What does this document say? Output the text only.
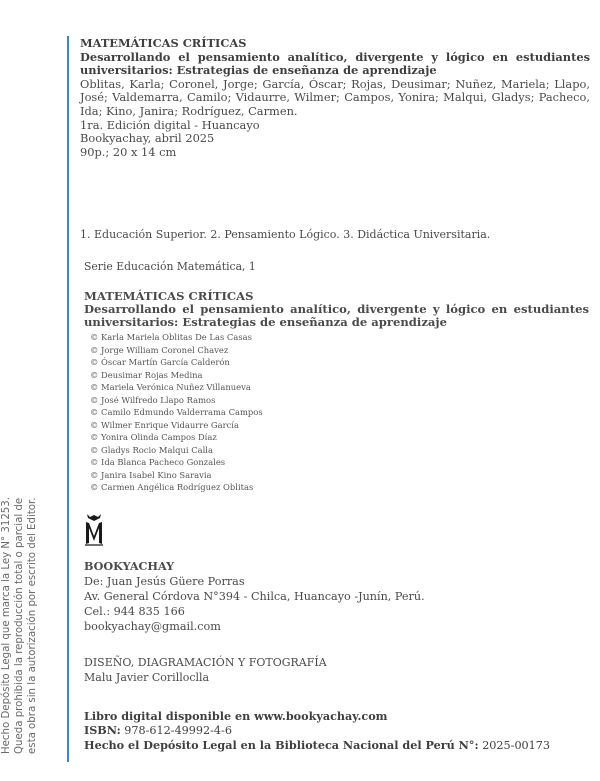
Hecho Depósito Legal que marca la Ley N° 31253. Queda prohibida la reproducción total o parcial de esta obra sin la autorización por escrito del Editor.
MATEMÁTICAS CRÍTICAS
Desarrollando el pensamiento analítico, divergente y lógico en estudiantes universitarios: Estrategias de enseñanza de aprendizaje
Oblitas, Karla; Coronel, Jorge; García, Óscar; Rojas, Deusimar; Nuñez, Mariela; Llapo, José; Valdemarra, Camilo; Vidaurre, Wilmer; Campos, Yonira; Malqui, Gladys; Pacheco, Ida; Kino, Janira; Rodríguez, Carmen.
1ra. Edición digital - Huancayo
Bookyachay, abril 2025
90p.; 20 x 14 cm
1. Educación Superior. 2. Pensamiento Lógico. 3. Didáctica Universitaria.
Serie Educación Matemática, 1
MATEMÁTICAS CRÍTICAS
Desarrollando el pensamiento analítico, divergente y lógico en estudiantes universitarios: Estrategias de enseñanza de aprendizaje
© Karla Mariela Oblitas De Las Casas
© Jorge William Coronel Chavez
© Óscar Martín García Calderón
© Deusimar Rojas Medina
© Mariela Verónica Nuñez Villanueva
© José Wilfredo Llapo Ramos
© Camilo Edmundo Valderrama Campos
© Wilmer Enrique Vidaurre García
© Yonira Olinda Campos Díaz
© Gladys Rocio Malqui Calla
© Ida Blanca Pacheco Gonzales
© Janira Isabel Kino Saravia
© Carmen Angélica Rodríguez Oblitas
BOOKYACHAY
De: Juan Jesús Güere Porras
Av. General Córdova N°394 - Chilca, Huancayo -Junín, Perú.
Cel.: 944 835 166
bookyachay@gmail.com
DISEÑO, DIAGRAMACIÓN Y FOTOGRAFÍA
Malu Javier Corilloclla
Libro digital disponible en www.bookyachay.com
ISBN: 978-612-49992-4-6
Hecho el Depósito Legal en la Biblioteca Nacional del Perú N°: 2025-00173
